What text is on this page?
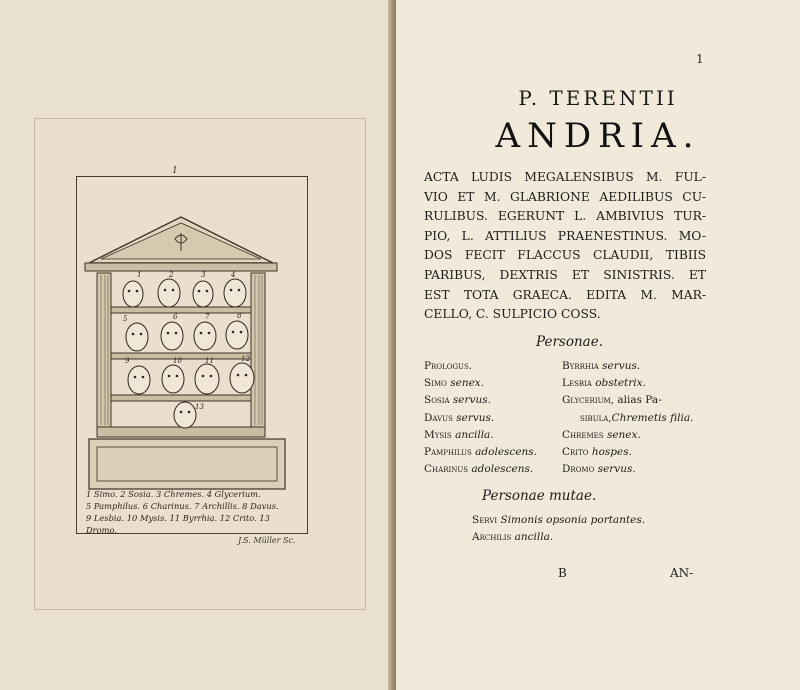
1
1	2	3	4
5	6	7	8
9	10	11	12
13
1 Simo. 2 Sosia. 3 Chremes. 4 Glycerium.
5 Pamphilus. 6 Charinus. 7 Archillis. 8 Davus.
9 Lesbia. 10 Mysis. 11 Byrrhia. 12 Crito. 13 Dromo.
J.S. Müller Sc.
1
P. TERENTII
ANDRIA.
ACTA LUDIS MEGALENSIBUS M. FUL-
VIO ET M. GLABRIONE AEDILIBUS CU-
RULIBUS. EGERUNT L. AMBIVIUS TUR-
PIO, L. ATTILIUS PRAENESTINUS. MO-
DOS FECIT FLACCUS CLAUDII, TIBIIS
PARIBUS, DEXTRIS ET SINISTRIS. ET
EST TOTA GRAECA. EDITA M. MAR-
CELLO, C. SULPICIO COSS.
Personae.
Prologus.
Simo senex.
Sosia servus.
Davus servus.
Mysis ancilla.
Pamphilus adolescens.
Charinus adolescens.
Byrrhia servus.
Lesbia obstetrix.
Glycerium, alias Pa-
sibula,Chremetis filia.
Chremes senex.
Crito hospes.
Dromo servus.
Personae mutae.
Servi Simonis opsonia portantes.
Archilis ancilla.
B	AN-
